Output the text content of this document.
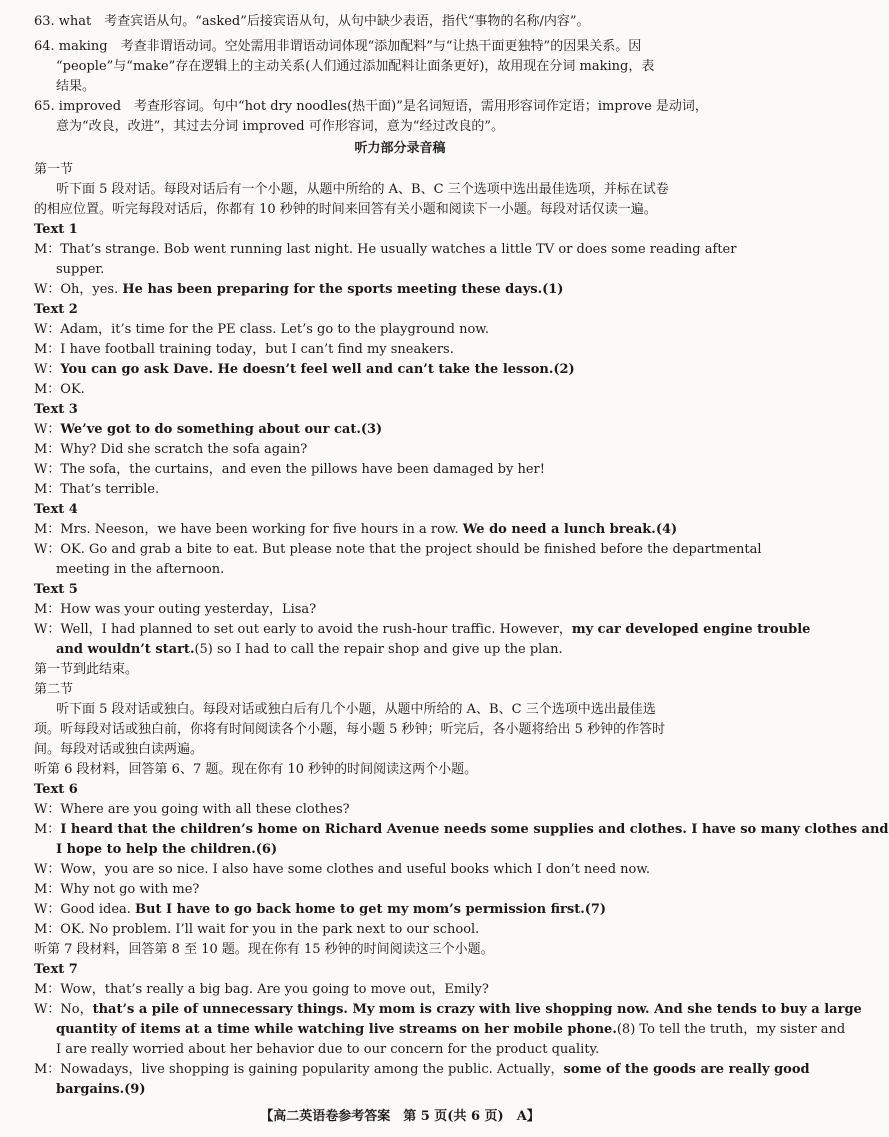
63. what　考查宾语从句。“asked”后接宾语从句，从句中缺少表语，指代“事物的名称/内容”。
64. making　考查非谓语动词。空处需用非谓语动词体现“添加配料”与“让热干面更独特”的因果关系。因
“people”与“make”存在逻辑上的主动关系(人们通过添加配料让面条更好)，故用现在分词 making，表
结果。
65. improved　考查形容词。句中“hot dry noodles(热干面)”是名词短语，需用形容词作定语；improve 是动词，
意为“改良，改进”，其过去分词 improved 可作形容词，意为“经过改良的”。
听力部分录音稿
第一节
听下面 5 段对话。每段对话后有一个小题，从题中所给的 A、B、C 三个选项中选出最佳选项，并标在试卷
的相应位置。听完每段对话后，你都有 10 秒钟的时间来回答有关小题和阅读下一小题。每段对话仅读一遍。
Text 1
M：That’s strange. Bob went running last night. He usually watches a little TV or does some reading after
supper.
W：Oh，yes. He has been preparing for the sports meeting these days.(1)
Text 2
W：Adam，it’s time for the PE class. Let’s go to the playground now.
M：I have football training today，but I can’t find my sneakers.
W：You can go ask Dave. He doesn’t feel well and can’t take the lesson.(2)
M：OK.
Text 3
W：We’ve got to do something about our cat.(3)
M：Why? Did she scratch the sofa again?
W：The sofa，the curtains，and even the pillows have been damaged by her!
M：That’s terrible.
Text 4
M：Mrs. Neeson，we have been working for five hours in a row. We do need a lunch break.(4)
W：OK. Go and grab a bite to eat. But please note that the project should be finished before the departmental
meeting in the afternoon.
Text 5
M：How was your outing yesterday，Lisa?
W：Well，I had planned to set out early to avoid the rush-hour traffic. However，my car developed engine trouble
and wouldn’t start.(5) so I had to call the repair shop and give up the plan.
第一节到此结束。
第二节
听下面 5 段对话或独白。每段对话或独白后有几个小题，从题中所给的 A、B、C 三个选项中选出最佳选
项。听每段对话或独白前，你将有时间阅读各个小题，每小题 5 秒钟；听完后，各小题将给出 5 秒钟的作答时
间。每段对话或独白读两遍。
听第 6 段材料，回答第 6、7 题。现在你有 10 秒钟的时间阅读这两个小题。
Text 6
W：Where are you going with all these clothes?
M：I heard that the children’s home on Richard Avenue needs some supplies and clothes. I have so many clothes and
I hope to help the children.(6)
W：Wow，you are so nice. I also have some clothes and useful books which I don’t need now.
M：Why not go with me?
W：Good idea. But I have to go back home to get my mom’s permission first.(7)
M：OK. No problem. I’ll wait for you in the park next to our school.
听第 7 段材料，回答第 8 至 10 题。现在你有 15 秒钟的时间阅读这三个小题。
Text 7
M：Wow，that’s really a big bag. Are you going to move out，Emily?
W：No，that’s a pile of unnecessary things. My mom is crazy with live shopping now. And she tends to buy a large
quantity of items at a time while watching live streams on her mobile phone.(8) To tell the truth，my sister and
I are really worried about her behavior due to our concern for the product quality.
M：Nowadays，live shopping is gaining popularity among the public. Actually，some of the goods are really good
bargains.(9)
【高二英语卷参考答案　第 5 页(共 6 页)　A】
